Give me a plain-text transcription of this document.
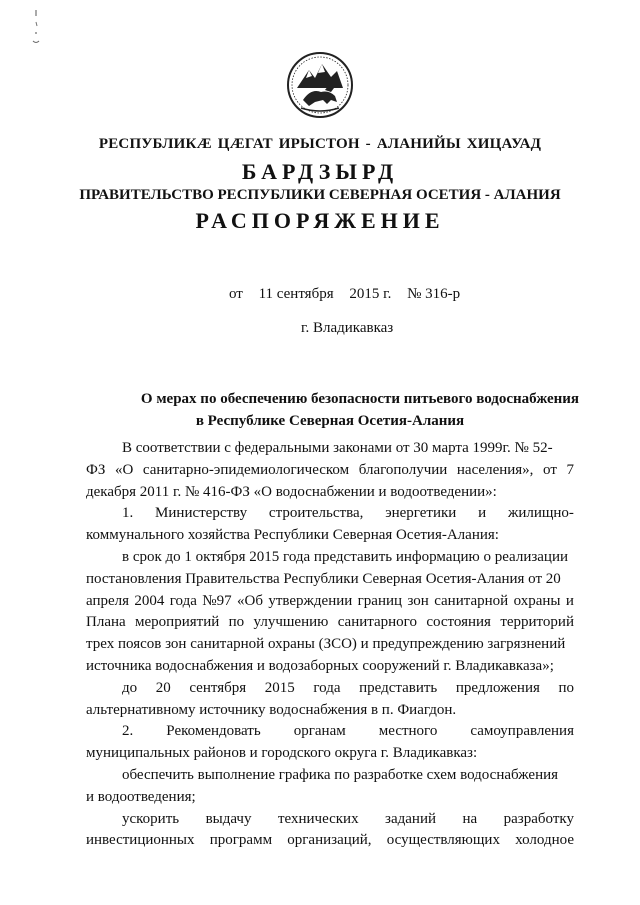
РЕСПУБЛИКӔ ЦӔГАТ ИРЫСТОН - АЛАНИЙЫ ХИЦАУАД
БАРДЗЫРД
ПРАВИТЕЛЬСТВО РЕСПУБЛИКИ СЕВЕРНАЯ ОСЕТИЯ - АЛАНИЯ
РАСПОРЯЖЕНИЕ
от 11 сентября 2015 г. № 316-р
г. Владикавказ
О мерах по обеспечению безопасности питьевого водоснабжения
в Республике Северная Осетия-Алания
В соответствии с федеральными законами от 30 марта 1999г. № 52-
ФЗ «О санитарно-эпидемиологическом благополучии населения», от 7
декабря 2011 г. № 416-ФЗ «О водоснабжении и водоотведении»:
1. Министерству строительства, энергетики и жилищно-
коммунального хозяйства Республики Северная Осетия-Алания:
в срок до 1 октября 2015 года представить информацию о реализации
постановления Правительства Республики Северная Осетия-Алания от 20
апреля 2004 года №97 «Об утверждении границ зон санитарной охраны и
Плана мероприятий по улучшению санитарного состояния территорий
трех поясов зон санитарной охраны (ЗСО) и предупреждению загрязнений
источника водоснабжения и водозаборных сооружений г. Владикавказа»;
до 20 сентября 2015 года представить предложения по
альтернативному источнику водоснабжения в п. Фиагдон.
2. Рекомендовать органам местного самоуправления
муниципальных районов и городского округа г. Владикавказ:
обеспечить выполнение графика по разработке схем водоснабжения
и водоотведения;
ускорить выдачу технических заданий на разработку
инвестиционных программ организаций, осуществляющих холодное
